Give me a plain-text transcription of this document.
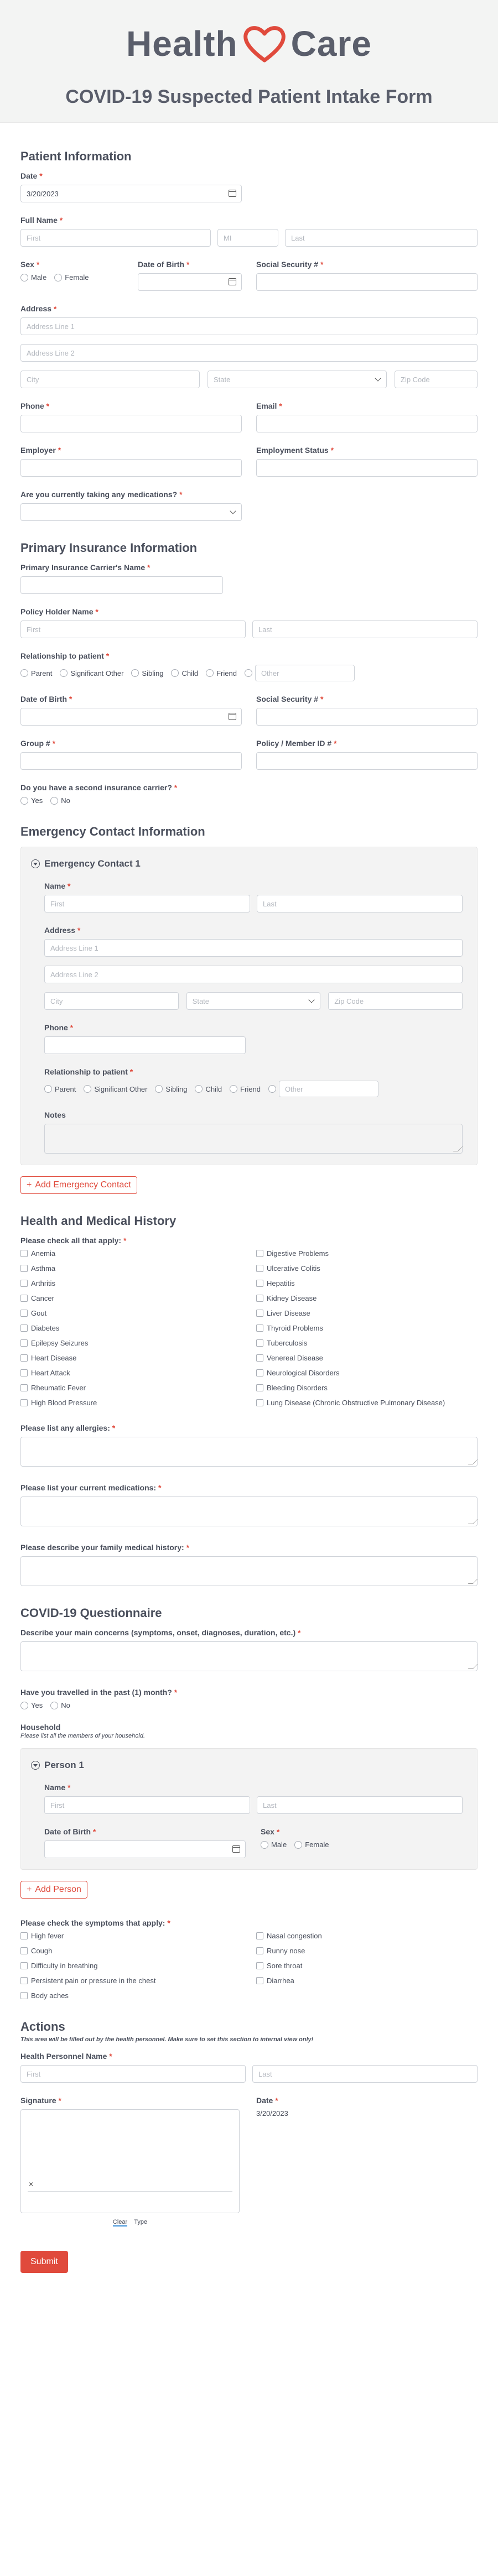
Health Care
COVID-19 Suspected Patient Intake Form
Patient Information
Date *
3/20/2023
Full Name *
First	MI	Last
Sex *
Male	Female
Date of Birth *	Social Security # *
Address *
Address Line 1
Address Line 2
City	State	Zip Code
Phone *	Email *
Employer *	Employment Status *
Are you currently taking any medications? *
Primary Insurance Information
Primary Insurance Carrier's Name *
Policy Holder Name *
First	Last
Relationship to patient *
Parent	Significant Other	Sibling	Child	Friend	Other
Date of Birth *	Social Security # *
Group # *	Policy / Member ID # *
Do you have a second insurance carrier? *
Yes	No
Emergency Contact Information
Emergency Contact 1
Name *
First	Last
Address *
Address Line 1
Address Line 2
City	State	Zip Code
Phone *
Relationship to patient *
Parent	Significant Other	Sibling	Child	Friend	Other
Notes
+ Add Emergency Contact
Health and Medical History
Please check all that apply: *
Anemia	Digestive Problems
Asthma	Ulcerative Colitis
Arthritis	Hepatitis
Cancer	Kidney Disease
Gout	Liver Disease
Diabetes	Thyroid Problems
Epilepsy Seizures	Tuberculosis
Heart Disease	Venereal Disease
Heart Attack	Neurological Disorders
Rheumatic Fever	Bleeding Disorders
High Blood Pressure	Lung Disease (Chronic Obstructive Pulmonary Disease)
Please list any allergies: *
Please list your current medications: *
Please describe your family medical history: *
COVID-19 Questionnaire
Describe your main concerns (symptoms, onset, diagnoses, duration, etc.) *
Have you travelled in the past (1) month? *
Yes	No
Household
Please list all the members of your household.
Person 1
Name *
First	Last
Date of Birth *	Sex *
Male	Female
+ Add Person
Please check the symptoms that apply: *
High fever	Nasal congestion
Cough	Runny nose
Difficulty in breathing	Sore throat
Persistent pain or pressure in the chest	Diarrhea
Body aches
Actions
This area will be filled out by the health personnel. Make sure to set this section to internal view only!
Health Personnel Name *
First	Last
Signature *
×
Clear Type
Date *
3/20/2023
Submit
